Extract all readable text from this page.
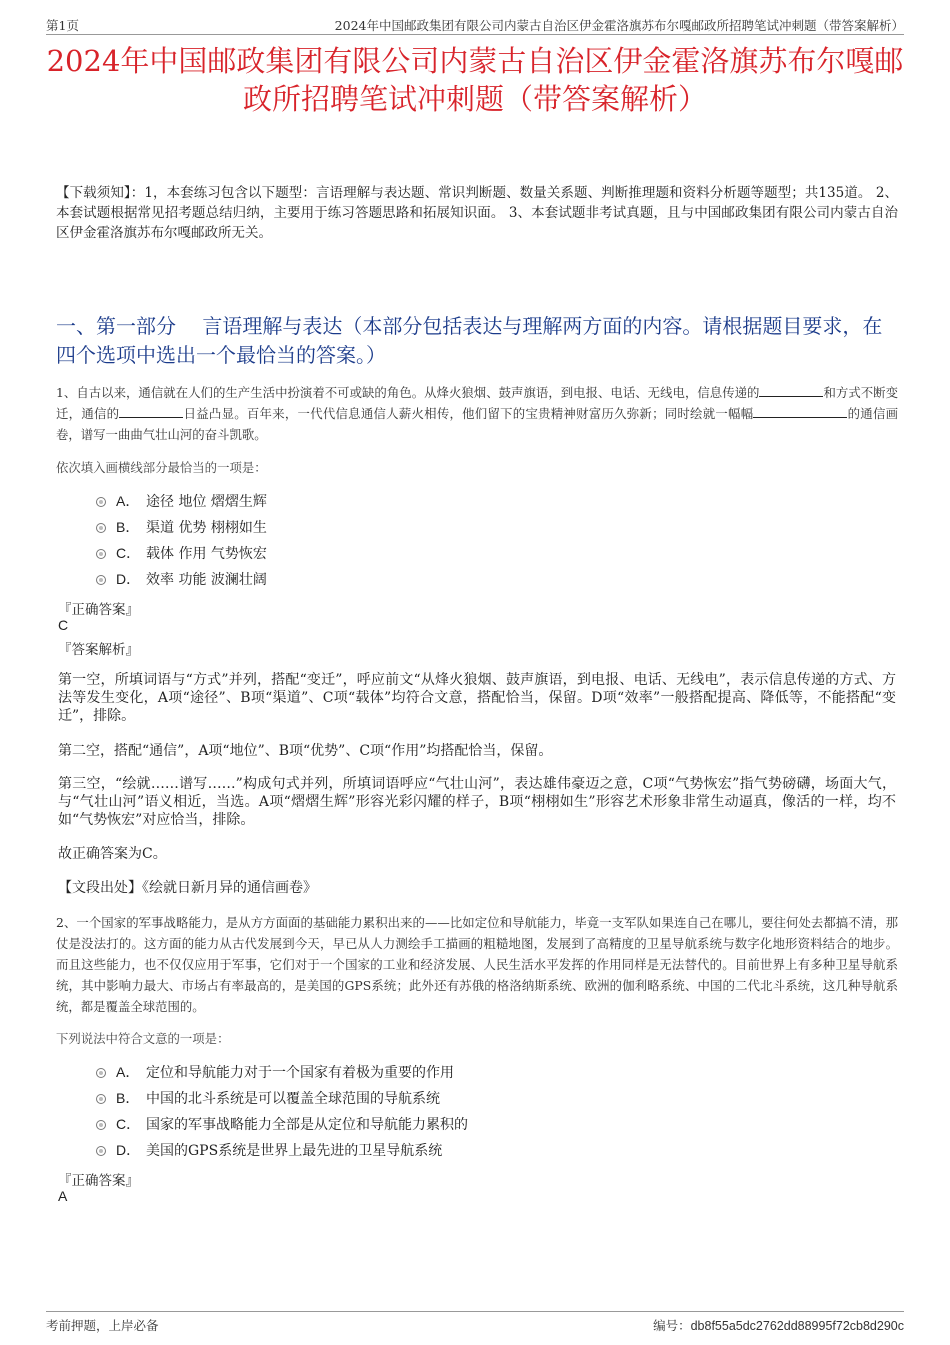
第1页	2024年中国邮政集团有限公司内蒙古自治区伊金霍洛旗苏布尔嘎邮政所招聘笔试冲刺题（带答案解析）
2024年中国邮政集团有限公司内蒙古自治区伊金霍洛旗苏布尔嘎邮政所招聘笔试冲刺题（带答案解析）
【下载须知】：1，本套练习包含以下题型：言语理解与表达题、常识判断题、数量关系题、判断推理题和资料分析题等题型；共135道。 2、本套试题根据常见招考题总结归纳，主要用于练习答题思路和拓展知识面。 3、本套试题非考试真题，且与中国邮政集团有限公司内蒙古自治区伊金霍洛旗苏布尔嘎邮政所无关。
一、第一部分　 言语理解与表达（本部分包括表达与理解两方面的内容。请根据题目要求，在四个选项中选出一个最恰当的答案。）
1、自古以来，通信就在人们的生产生活中扮演着不可或缺的角色。从烽火狼烟、鼓声旗语，到电报、电话、无线电，信息传递的	和方式不断变迁，通信的	日益凸显。百年来，一代代信息通信人薪火相传，他们留下的宝贵精神财富历久弥新；同时绘就一幅幅	的通信画卷，谱写一曲曲气壮山河的奋斗凯歌。
依次填入画横线部分最恰当的一项是：
A． 途径 地位 熠熠生辉
B． 渠道 优势 栩栩如生
C． 载体 作用 气势恢宏
D． 效率 功能 波澜壮阔
『正确答案』
C
『答案解析』
第一空，所填词语与“方式”并列，搭配“变迁”，呼应前文“从烽火狼烟、鼓声旗语，到电报、电话、无线电”，表示信息传递的方式、方法等发生变化，A项“途径”、B项“渠道”、C项“载体”均符合文意，搭配恰当，保留。D项“效率”一般搭配提高、降低等，不能搭配“变迁”，排除。
第二空，搭配“通信”，A项“地位”、B项“优势”、C项“作用”均搭配恰当，保留。
第三空，“绘就……谱写……”构成句式并列，所填词语呼应“气壮山河”，表达雄伟豪迈之意，C项“气势恢宏”指气势磅礴，场面大气，与“气壮山河”语义相近，当选。A项“熠熠生辉”形容光彩闪耀的样子，B项“栩栩如生”形容艺术形象非常生动逼真，像活的一样，均不如“气势恢宏”对应恰当，排除。
故正确答案为C。
【文段出处】《绘就日新月异的通信画卷》
2、一个国家的军事战略能力，是从方方面面的基础能力累积出来的——比如定位和导航能力，毕竟一支军队如果连自己在哪儿，要往何处去都搞不清，那仗是没法打的。这方面的能力从古代发展到今天，早已从人力测绘手工描画的粗糙地图，发展到了高精度的卫星导航系统与数字化地形资料结合的地步。而且这些能力，也不仅仅应用于军事，它们对于一个国家的工业和经济发展、人民生活水平发挥的作用同样是无法替代的。目前世界上有多种卫星导航系统，其中影响力最大、市场占有率最高的，是美国的GPS系统；此外还有苏俄的格洛纳斯系统、欧洲的伽利略系统、中国的二代北斗系统，这几种导航系统，都是覆盖全球范围的。
下列说法中符合文意的一项是：
A． 定位和导航能力对于一个国家有着极为重要的作用
B． 中国的北斗系统是可以覆盖全球范围的导航系统
C． 国家的军事战略能力全部是从定位和导航能力累积的
D． 美国的GPS系统是世界上最先进的卫星导航系统
『正确答案』
A
考前押题，上岸必备	编号：db8f55a5dc2762dd88995f72cb8d290c
